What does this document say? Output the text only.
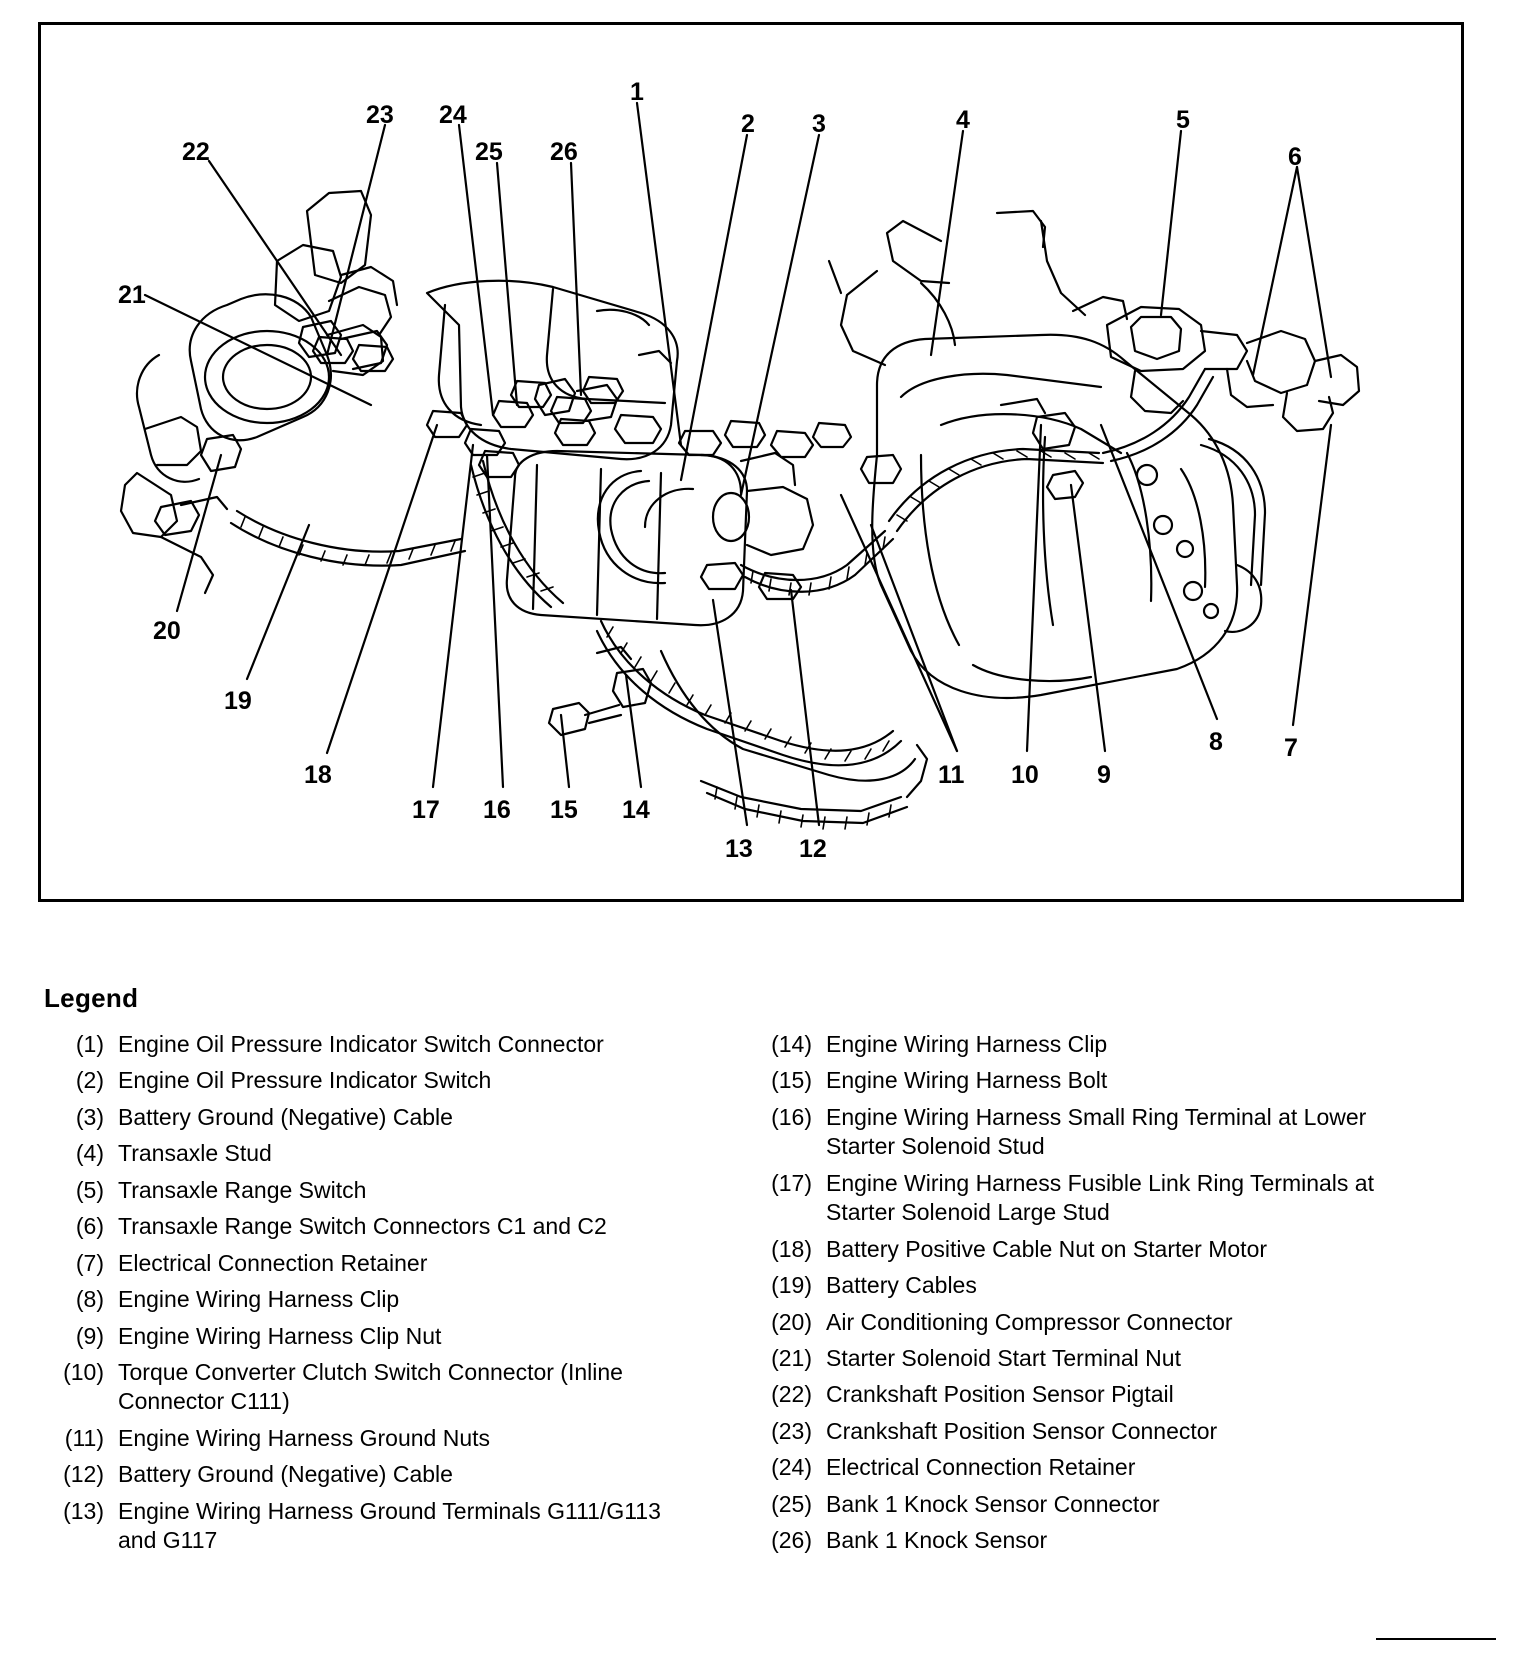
1
2 3	4	5
6
7
8
9
10
11
12
13
14
15
16
17
18
19
20
21
22
23 24
25 26
Legend
(1) Engine Oil Pressure Indicator Switch Connector
(2) Engine Oil Pressure Indicator Switch
(3) Battery Ground (Negative) Cable
(4) Transaxle Stud
(5) Transaxle Range Switch
(6) Transaxle Range Switch Connectors C1 and C2
(7) Electrical Connection Retainer
(8) Engine Wiring Harness Clip
(9) Engine Wiring Harness Clip Nut
(10) Torque Converter Clutch Switch Connector (Inline Connector C111)
(11) Engine Wiring Harness Ground Nuts
(12) Battery Ground (Negative) Cable
(13) Engine Wiring Harness Ground Terminals G111/G113 and G117
(14) Engine Wiring Harness Clip
(15) Engine Wiring Harness Bolt
(16) Engine Wiring Harness Small Ring Terminal at Lower Starter Solenoid Stud
(17) Engine Wiring Harness Fusible Link Ring Terminals at Starter Solenoid Large Stud
(18) Battery Positive Cable Nut on Starter Motor
(19) Battery Cables
(20) Air Conditioning Compressor Connector
(21) Starter Solenoid Start Terminal Nut
(22) Crankshaft Position Sensor Pigtail
(23) Crankshaft Position Sensor Connector
(24) Electrical Connection Retainer
(25) Bank 1 Knock Sensor Connector
(26) Bank 1 Knock Sensor
